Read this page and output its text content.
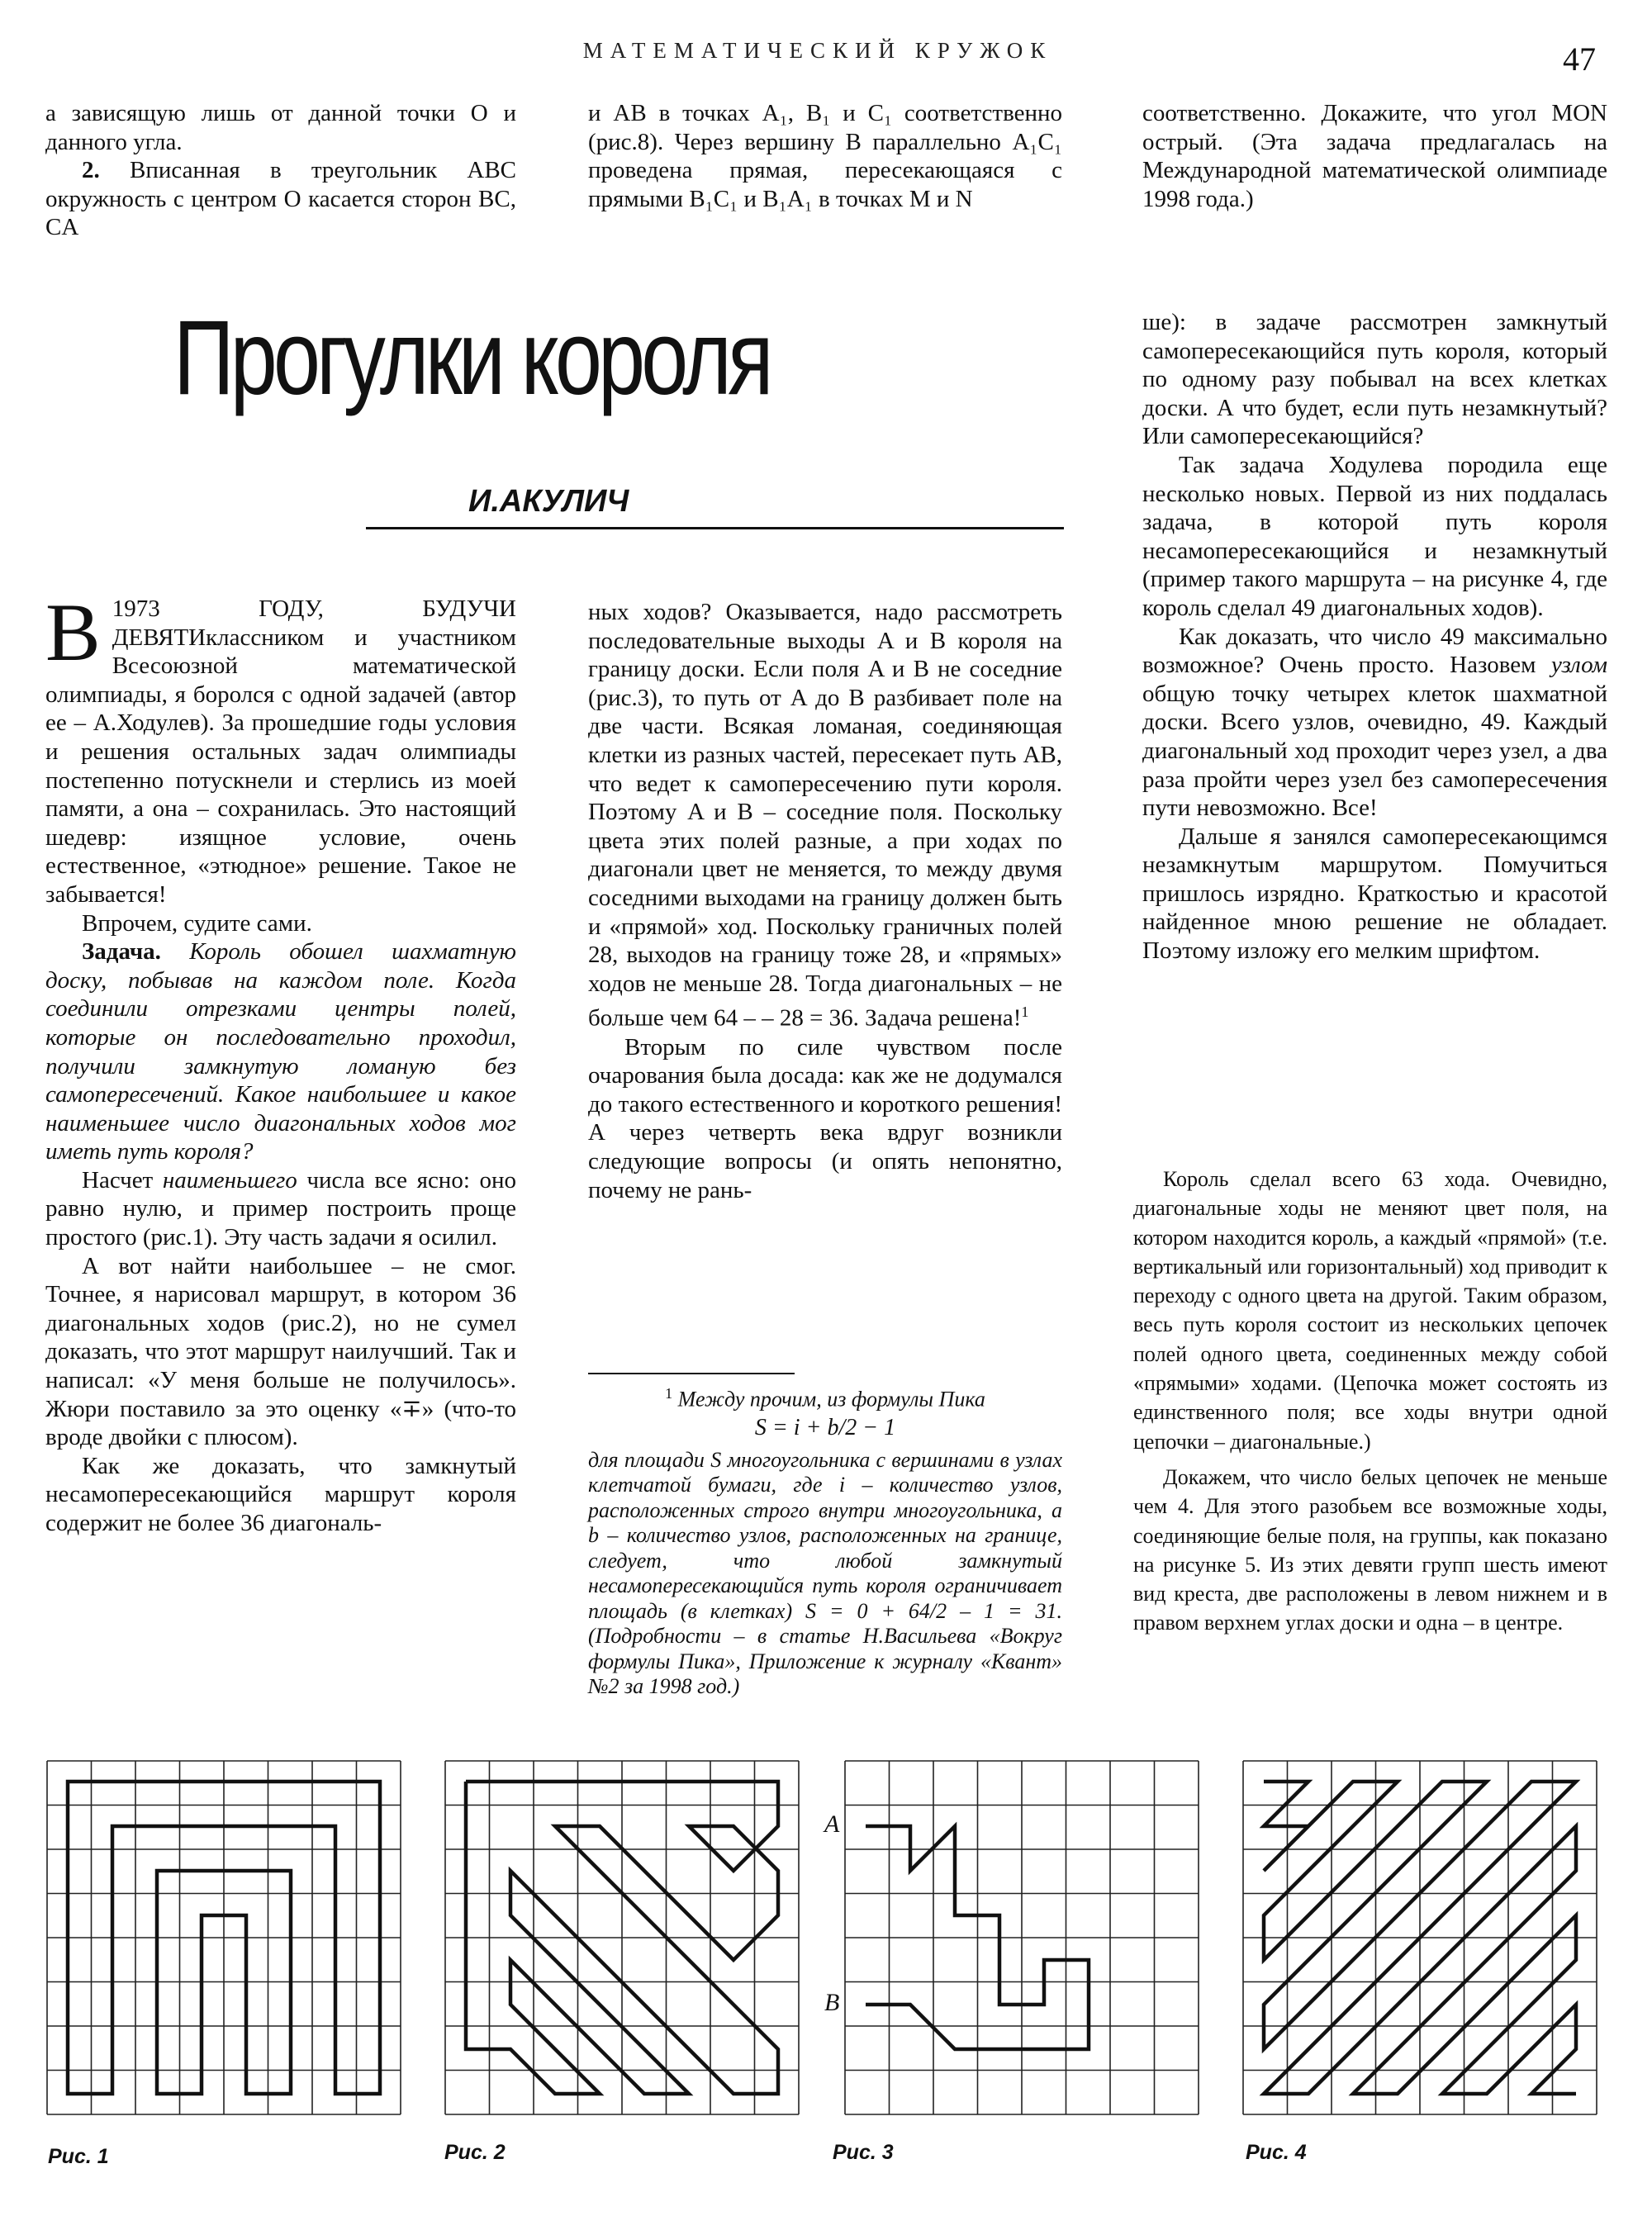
МАТЕМАТИЧЕСКИЙ КРУЖОК	47

а зависящую лишь от данной точки O и данного угла.

2. Вписанная в треугольник ABC окружность с центром O касается сторон BC, CA

и AB в точках A₁, B₁ и C₁ соответственно (рис.8). Через вершину B параллельно A₁C₁ проведена прямая, пересекающаяся с прямыми B₁C₁ и B₁A₁ в точках M и N

соответственно. Докажите, что угол MON острый. (Эта задача предлагалась на Международной математической олимпиаде 1998 года.)

Прогулки короля
И.АКУЛИЧ

В 1973 ГОДУ, БУДУЧИ ДЕВЯТИклассником и участником Всесоюзной математической олимпиады, я боролся с одной задачей (автор ее – А.Ходулев). За прошедшие годы условия и решения остальных задач олимпиады постепенно потускнели и стерлись из моей памяти, а она – сохранилась. Это настоящий шедевр: изящное условие, очень естественное, «этюдное» решение. Такое не забывается!

Впрочем, судите сами.

Задача. Король обошел шахматную доску, побывав на каждом поле. Когда соединили отрезками центры полей, которые он последовательно проходил, получили замкнутую ломаную без самопересечений. Какое наибольшее и какое наименьшее число диагональных ходов мог иметь путь короля?

Насчет наименьшего числа все ясно: оно равно нулю, и пример построить проще простого (рис.1). Эту часть задачи я осилил.

А вот найти наибольшее – не смог. Точнее, я нарисовал маршрут, в котором 36 диагональных ходов (рис.2), но не сумел доказать, что этот маршрут наилучший. Так и написал: «У меня больше не получилось». Жюри поставило за это оценку «∓» (что-то вроде двойки с плюсом).

Как же доказать, что замкнутый несамопересекающийся маршрут короля содержит не более 36 диагональ-

ных ходов? Оказывается, надо рассмотреть последовательные выходы A и B короля на границу доски. Если поля A и B не соседние (рис.3), то путь от A до B разбивает поле на две части. Всякая ломаная, соединяющая клетки из разных частей, пересекает путь AB, что ведет к самопересечению пути короля. Поэтому A и B – соседние поля. Поскольку цвета этих полей разные, а при ходах по диагонали цвет не меняется, то между двумя соседними выходами на границу должен быть и «прямой» ход. Поскольку граничных полей 28, выходов на границу тоже 28, и «прямых» ходов не меньше 28. Тогда диагональных – не больше чем 64 – – 28 = 36. Задача решена!$^1$

Вторым по силе чувством после очарования была досада: как же не додумался до такого естественного и короткого решения! А через четверть века вдруг возникли следующие вопросы (и опять непонятно, почему не рань-

$^1$ Между прочим, из формулы Пика

S = i + b/2 − 1

для площади S многоугольника с вершинами в узлах клетчатой бумаги, где i – количество узлов, расположенных строго внутри многоугольника, а b – количество узлов, расположенных на границе, следует, что любой замкнутый несамопересекающийся путь короля ограничивает площадь (в клетках) S = 0 + 64/2 – 1 = 31. (Подробности – в статье Н.Васильева «Вокруг формулы Пика», Приложение к журналу «Квант» №2 за 1998 год.)

ше): в задаче рассмотрен замкнутый самопересекающийся путь короля, который по одному разу побывал на всех клетках доски. А что будет, если путь незамкнутый? Или самопересекающийся?

Так задача Ходулева породила еще несколько новых. Первой из них поддалась задача, в которой путь короля несамопересекающийся и незамкнутый (пример такого маршрута – на рисунке 4, где король сделал 49 диагональных ходов).

Как доказать, что число 49 максимально возможное? Очень просто. Назовем узлом общую точку четырех клеток шахматной доски. Всего узлов, очевидно, 49. Каждый диагональный ход проходит через узел, а два раза пройти через узел без самопересечения пути невозможно. Все!

Дальше я занялся самопересекающимся незамкнутым маршрутом. Помучиться пришлось изрядно. Краткостью и красотой найденное мною решение не обладает. Поэтому изложу его мелким шрифтом.

Король сделал всего 63 хода. Очевидно, диагональные ходы не меняют цвет поля, на котором находится король, а каждый «прямой» (т.е. вертикальный или горизонтальный) ход приводит к переходу с одного цвета на другой. Таким образом, весь путь короля состоит из нескольких цепочек полей одного цвета, соединенных между собой «прямыми» ходами. (Цепочка может состоять из единственного поля; все ходы внутри одной цепочки – диагональные.)

Докажем, что число белых цепочек не меньше чем 4. Для этого разобьем все возможные ходы, соединяющие белые поля, на группы, как показано на рисунке 5. Из этих девяти групп шесть имеют вид креста, две расположены в левом нижнем и в правом верхнем углах доски и одна – в центре.

Рис. 1	Рис. 2	Рис. 3	Рис. 4
A
B
